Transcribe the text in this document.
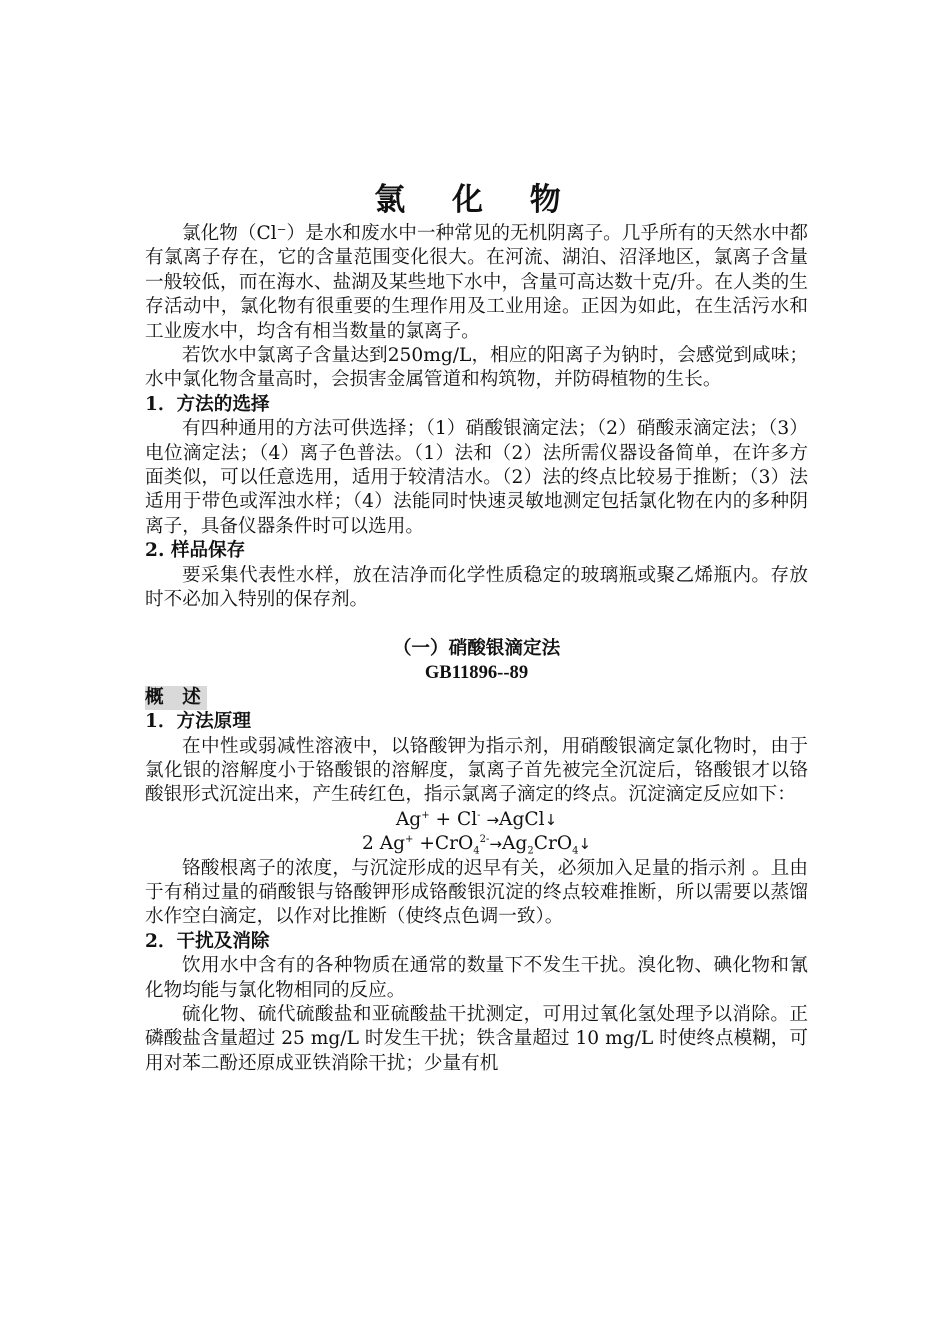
氯 化 物

氯化物（Cl⁻）是水和废水中一种常见的无机阴离子。几乎所有的天然水中都有氯离子存在，它的含量范围变化很大。在河流、湖泊、沼泽地区，氯离子含量一般较低，而在海水、盐湖及某些地下水中，含量可高达数十克/升。在人类的生存活动中，氯化物有很重要的生理作用及工业用途。正因为如此，在生活污水和工业废水中，均含有相当数量的氯离子。

若饮水中氯离子含量达到250mg/L，相应的阳离子为钠时，会感觉到咸味；水中氯化物含量高时，会损害金属管道和构筑物，并防碍植物的生长。

1．方法的选择

有四种通用的方法可供选择；（1）硝酸银滴定法；（2）硝酸汞滴定法；（3）电位滴定法；（4）离子色普法。（1）法和（2）法所需仪器设备简单，在许多方面类似，可以任意选用，适用于较清洁水。（2）法的终点比较易于推断；（3）法适用于带色或浑浊水样；（4）法能同时快速灵敏地测定包括氯化物在内的多种阴离子，具备仪器条件时可以选用。

2. 样品保存

要采集代表性水样，放在洁净而化学性质稳定的玻璃瓶或聚乙烯瓶内。存放时不必加入特别的保存剂。

（一）硝酸银滴定法

GB11896--89

概　述

1．方法原理

在中性或弱减性溶液中，以铬酸钾为指示剂，用硝酸银滴定氯化物时，由于氯化银的溶解度小于铬酸银的溶解度，氯离子首先被完全沉淀后，铬酸银才以铬酸银形式沉淀出来，产生砖红色，指示氯离子滴定的终点。沉淀滴定反应如下：

Ag+ + Cl- →AgCl↓

2 $Ag^+ +CrO_4^{2-}\to Ag_2CrO_4↓$

铬酸根离子的浓度，与沉淀形成的迟早有关，必须加入足量的指示剂 。且由于有稍过量的硝酸银与铬酸钾形成铬酸银沉淀的终点较难推断，所以需要以蒸馏水作空白滴定，以作对比推断（使终点色调一致）。

2．干扰及消除

饮用水中含有的各种物质在通常的数量下不发生干扰。溴化物、碘化物和氰化物均能与氯化物相同的反应。

硫化物、硫代硫酸盐和亚硫酸盐干扰测定，可用过氧化氢处理予以消除。正磷酸盐含量超过 25 mg/L 时发生干扰；铁含量超过 10 mg/L 时使终点模糊，可用对苯二酚还原成亚铁消除干扰；少量有机
